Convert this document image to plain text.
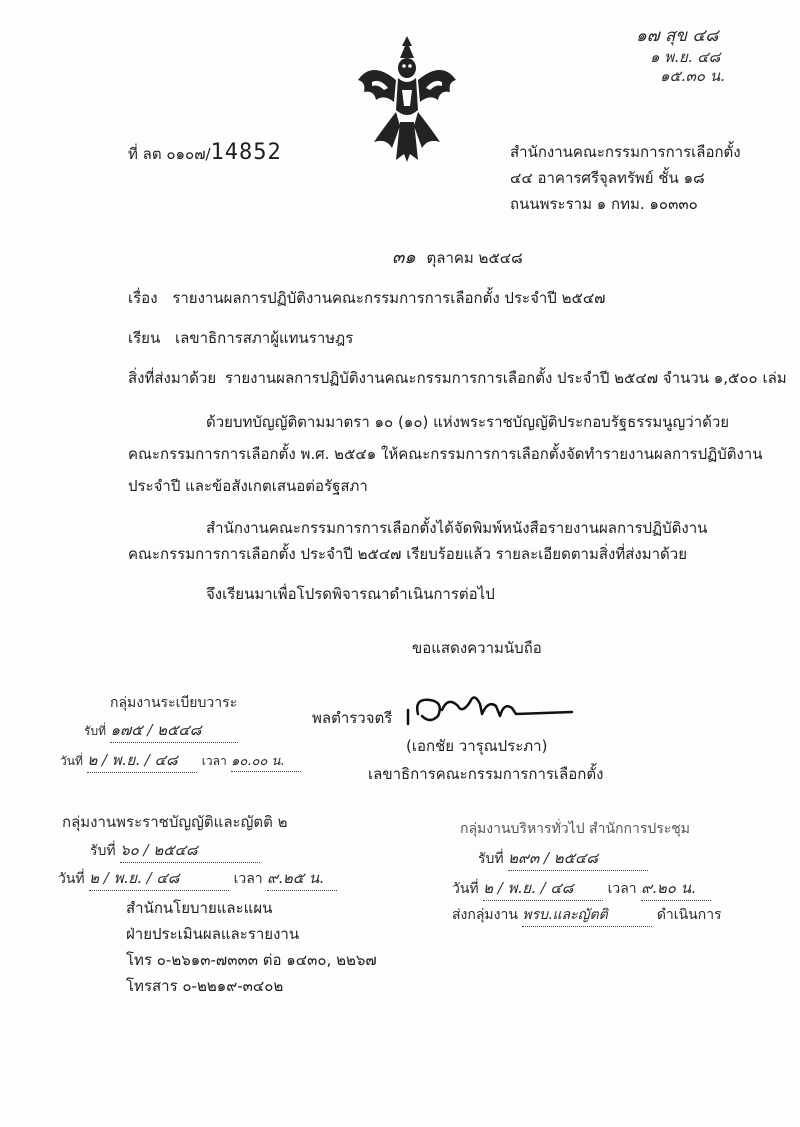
๑๗ สุข ๔๘
๑ พ.ย. ๔๘
๑๕.๓๐ น.
ที่ ลต ๐๑๐๗/14852	สำนักงานคณะกรรมการการเลือกตั้ง
๔๔ อาคารศรีจุลทรัพย์ ชั้น ๑๘
ถนนพระราม ๑ กทม. ๑๐๓๓๐
๓๑ ตุลาคม ๒๕๔๘
เรื่อง รายงานผลการปฏิบัติงานคณะกรรมการการเลือกตั้ง ประจำปี ๒๕๔๗
เรียน เลขาธิการสภาผู้แทนราษฎร
สิ่งที่ส่งมาด้วย รายงานผลการปฏิบัติงานคณะกรรมการการเลือกตั้ง ประจำปี ๒๕๔๗ จำนวน ๑,๕๐๐ เล่ม
ด้วยบทบัญญัติตามมาตรา ๑๐ (๑๐) แห่งพระราชบัญญัติประกอบรัฐธรรมนูญว่าด้วย
คณะกรรมการการเลือกตั้ง พ.ศ. ๒๕๔๑ ให้คณะกรรมการการเลือกตั้งจัดทำรายงานผลการปฏิบัติงาน
ประจำปี และข้อสังเกตเสนอต่อรัฐสภา
สำนักงานคณะกรรมการการเลือกตั้งได้จัดพิมพ์หนังสือรายงานผลการปฏิบัติงาน
คณะกรรมการการเลือกตั้ง ประจำปี ๒๕๔๗ เรียบร้อยแล้ว รายละเอียดตามสิ่งที่ส่งมาด้วย
จึงเรียนมาเพื่อโปรดพิจารณาดำเนินการต่อไป
ขอแสดงความนับถือ
พลตำรวจตรี
(เอกชัย วารุณประภา)
เลขาธิการคณะกรรมการการเลือกตั้ง
กลุ่มงานระเบียบวาระ
รับที่ ๑๗๕ / ๒๕๔๘
วันที่ ๒ / พ.ย. / ๔๘ เวลา ๑๐.๐๐ น.
กลุ่มงานพระราชบัญญัติและญัตติ ๒
รับที่ ๖๐ / ๒๕๔๘
วันที่ ๒ / พ.ย. / ๔๘	เวลา ๙.๒๕ น.
กลุ่มงานบริหารทั่วไป สำนักการประชุม
รับที่ ๒๙๓ / ๒๕๔๘
วันที่ ๒ / พ.ย. / ๔๘ เวลา ๙.๒๐ น.
ส่งกลุ่มงาน พรบ.และญัตติ	ดำเนินการ
สำนักนโยบายและแผน
ฝ่ายประเมินผลและรายงาน
โทร ๐-๒๖๑๓-๗๓๓๓ ต่อ ๑๔๓๐, ๒๒๖๗
โทรสาร ๐-๒๒๑๙-๓๔๐๒
